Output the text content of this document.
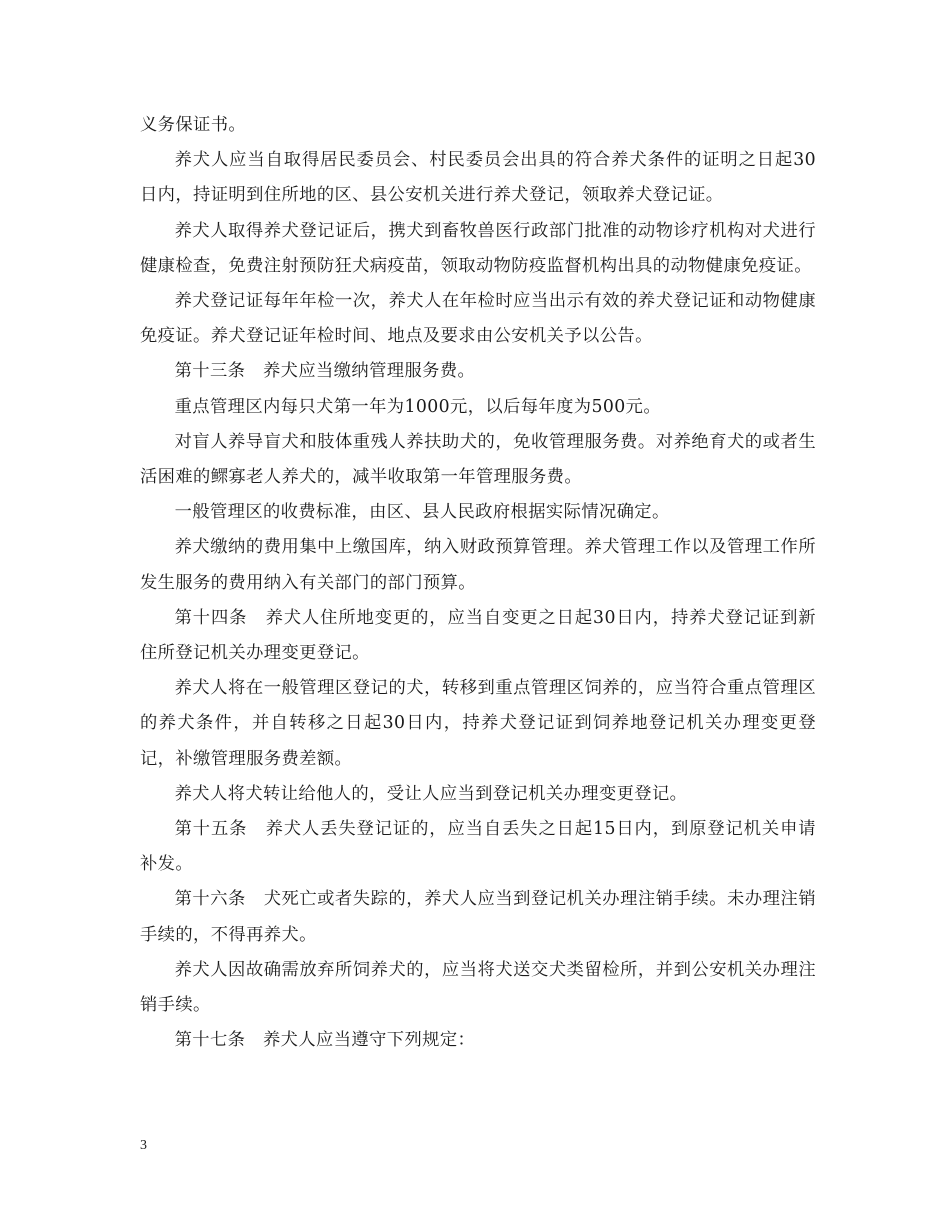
义务保证书。

养犬人应当自取得居民委员会、村民委员会出具的符合养犬条件的证明之日起30日内，持证明到住所地的区、县公安机关进行养犬登记，领取养犬登记证。

养犬人取得养犬登记证后，携犬到畜牧兽医行政部门批准的动物诊疗机构对犬进行健康检查，免费注射预防狂犬病疫苗，领取动物防疫监督机构出具的动物健康免疫证。

养犬登记证每年年检一次，养犬人在年检时应当出示有效的养犬登记证和动物健康免疫证。养犬登记证年检时间、地点及要求由公安机关予以公告。

第十三条　养犬应当缴纳管理服务费。

重点管理区内每只犬第一年为1000元，以后每年度为500元。

对盲人养导盲犬和肢体重残人养扶助犬的，免收管理服务费。对养绝育犬的或者生活困难的鳏寡老人养犬的，减半收取第一年管理服务费。

一般管理区的收费标准，由区、县人民政府根据实际情况确定。

养犬缴纳的费用集中上缴国库，纳入财政预算管理。养犬管理工作以及管理工作所发生服务的费用纳入有关部门的部门预算。

第十四条　养犬人住所地变更的，应当自变更之日起30日内，持养犬登记证到新住所登记机关办理变更登记。

养犬人将在一般管理区登记的犬，转移到重点管理区饲养的，应当符合重点管理区的养犬条件，并自转移之日起30日内，持养犬登记证到饲养地登记机关办理变更登记，补缴管理服务费差额。

养犬人将犬转让给他人的，受让人应当到登记机关办理变更登记。

第十五条　养犬人丢失登记证的，应当自丢失之日起15日内，到原登记机关申请补发。

第十六条　犬死亡或者失踪的，养犬人应当到登记机关办理注销手续。未办理注销手续的，不得再养犬。

养犬人因故确需放弃所饲养犬的，应当将犬送交犬类留检所，并到公安机关办理注销手续。

第十七条　养犬人应当遵守下列规定：

3
